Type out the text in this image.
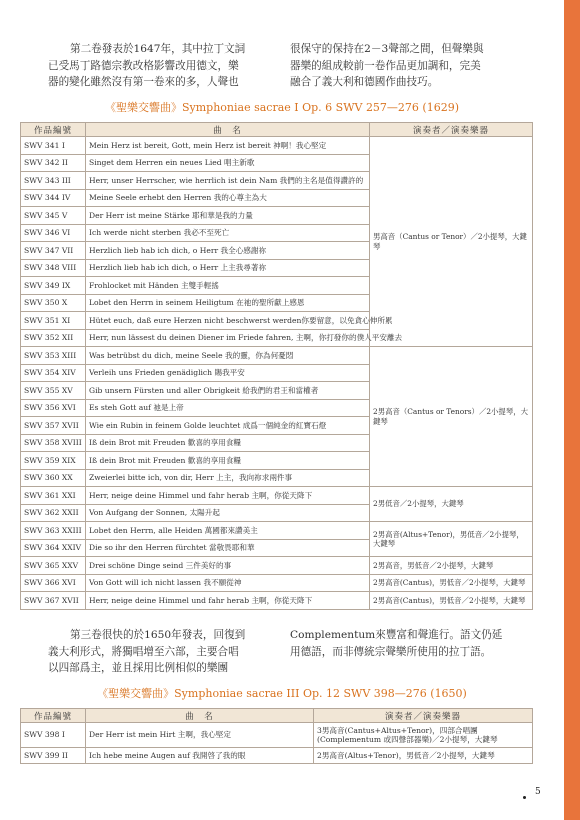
第二卷發表於1647年，其中拉丁文詞
已受馬丁路德宗教改格影響改用德文，樂
器的變化雖然沒有第一卷來的多，人聲也
很保守的保持在2－3聲部之間，但聲樂與
器樂的組成較前一卷作品更加調和，完美
融合了義大利和德國作曲技巧。
《聖樂交響曲》Symphoniae sacrae I Op. 6 SWV 257—276 (1629)
作品編號	曲　名	演奏者／演奏樂器
SWV 341 I	Mein Herz ist bereit, Gott, mein Herz ist bereit 神啊！我心堅定	男高音（Cantus or Tenor）／2小提琴，大鍵琴
SWV 342 II	Singet dem Herren ein neues Lied 唱主新歌	
SWV 343 III	Herr, unser Herrscher, wie herrlich ist dein Nam 我們的主名是值得讚許的	
SWV 344 IV	Meine Seele erhebt den Herren 我的心尊主為大	
SWV 345 V	Der Herr ist meine Stärke 耶和華是我的力量	
SWV 346 VI	Ich werde nicht sterben 我必不至死亡	
SWV 347 VII	Herzlich lieb hab ich dich, o Herr 我全心感謝祢	
SWV 348 VIII	Herzlich lieb hab ich dich, o Herr 上主我尋著祢	
SWV 349 IX	Frohlocket mit Händen 主雙手輕搖	
SWV 350 X	Lobet den Herrn in seinem Heiligtum 在祂的聖所獻上感恩	
SWV 351 XI	Hütet euch, daß eure Herzen nicht beschwerst werden你要留意，以免貪心伸所累	
SWV 352 XII	Herr, nun lässest du deinen Diener im Friede fahren, 主啊，你打發你的僕人平安離去	
SWV 353 XIII	Was betrübst du dich, meine Seele 我的靈，你為何憂悶	2男高音（Cantus or Tenors）／2小提琴，大鍵琴
SWV 354 XIV	Verleih uns Frieden genädiglich 賜我平安	
SWV 355 XV	Gib unsern Fürsten und aller Obrigkeit 給我們的君王和當權者	
SWV 356 XVI	Es steh Gott auf 祂是上帝	
SWV 357 XVII	Wie ein Rubin in feinem Golde leuchtet 成爲一個純金的紅寶石燈	
SWV 358 XVIII	Iß dein Brot mit Freuden 歡喜的享用食糧	
SWV 359 XIX	Iß dein Brot mit Freuden 歡喜的享用食糧	
SWV 360 XX	Zweierlei bitte ich, von dir, Herr 上主，我向祢求兩件事	
SWV 361 XXI	Herr, neige deine Himmel und fahr herab 主啊，你從天降下	2男低音／2小提琴，大鍵琴
SWV 362 XXII	Von Aufgang der Sonnen, 太陽升起	
SWV 363 XXIII	Lobet den Herrn, alle Heiden 萬國都來讚美主	2男高音(Altus+Tenor)，男低音／2小提琴，大鍵琴
SWV 364 XXIV	Die so ihr den Herren fürchtet 當敬畏耶和華	
SWV 365 XXV	Drei schöne Dinge seind 三件美好的事	2男高音，男低音／2小提琴，大鍵琴
SWV 366 XVI	Von Gott will ich nicht lassen 我不願從神	2男高音(Cantus)，男低音／2小提琴，大鍵琴
SWV 367 XVII	Herr, neige deine Himmel und fahr herab 主啊，你從天降下	2男高音(Cantus)，男低音／2小提琴，大鍵琴
第三卷很快的於1650年發表，回復到
義大利形式，將獨唱增至六部，主要合唱
以四部爲主，並且採用比例相似的樂團
Complementum來豐富和聲進行。語文仍延
用德語，而非傳統宗聲樂所使用的拉丁語。
《聖樂交響曲》Symphoniae sacrae III Op. 12 SWV 398—276 (1650)
作品編號	曲　名	演奏者／演奏樂器
SWV 398 I	Der Herr ist mein Hirt 主啊，我心堅定	3男高音(Cantus+Altus+Tenor)，四部合唱團
(Complementum 或四聲部器樂)／2小提琴，大鍵琴

SWV 399 II	Ich hebe meine Augen auf 我開啓了我的眼	2男高音(Altus+Tenor)，男低音／2小提琴，大鍵琴
5
